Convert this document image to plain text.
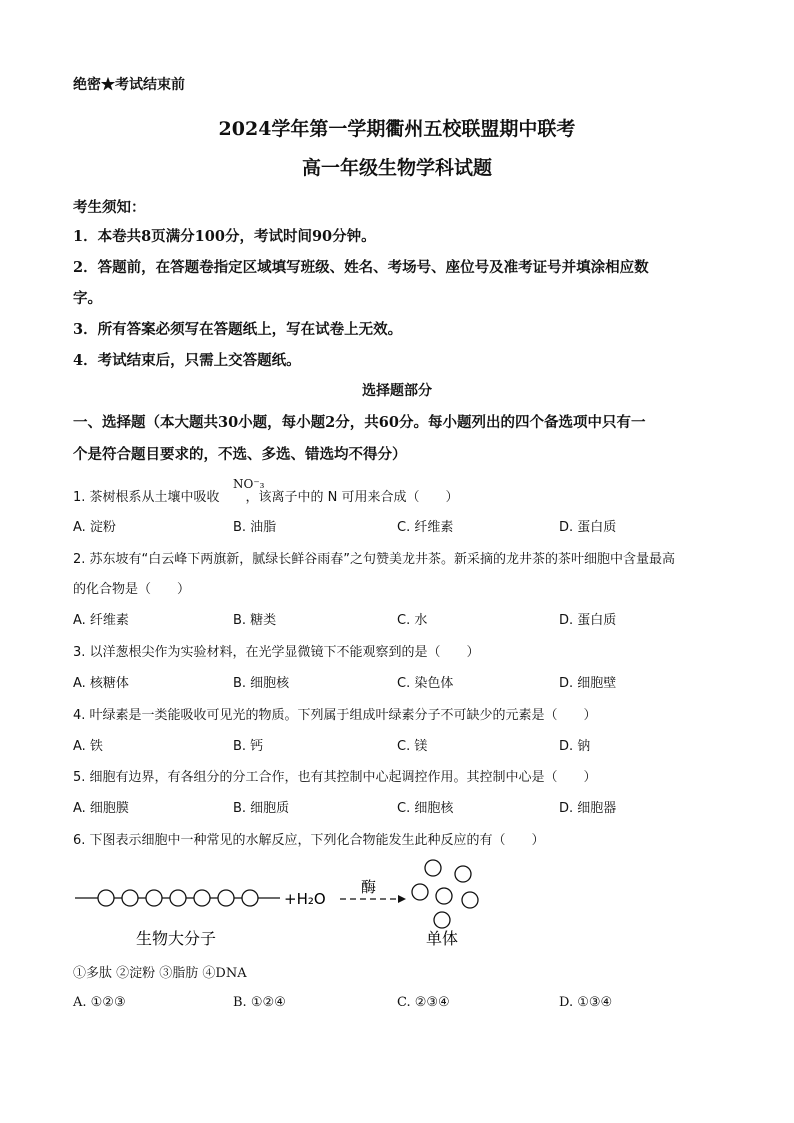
绝密★考试结束前
2024学年第一学期衢州五校联盟期中联考
高一年级生物学科试题
考生须知：
1．本卷共8页满分100分，考试时间90分钟。
2．答题前，在答题卷指定区域填写班级、姓名、考场号、座位号及准考证号并填涂相应数
字。
3．所有答案必须写在答题纸上，写在试卷上无效。
4．考试结束后，只需上交答题纸。
选择题部分
一、选择题（本大题共30小题，每小题2分，共60分。每小题列出的四个备选项中只有一
个是符合题目要求的，不选、多选、错选均不得分）
1. 茶树根系从土壤中吸收　　，该离子中的 N 可用来合成（　　）
NO⁻₃
A. 淀粉	B. 油脂	C. 纤维素	D. 蛋白质
2. 苏东坡有“白云峰下两旗新，腻绿长鲜谷雨春”之句赞美龙井茶。新采摘的龙井茶的茶叶细胞中含量最高
的化合物是（　　）
A. 纤维素	B. 糖类	C. 水	D. 蛋白质
3. 以洋葱根尖作为实验材料，在光学显微镜下不能观察到的是（　　）
A. 核糖体	B. 细胞核	C. 染色体	D. 细胞壁
4. 叶绿素是一类能吸收可见光的物质。下列属于组成叶绿素分子不可缺少的元素是（　　）
A. 铁	B. 钙	C. 镁	D. 钠
5. 细胞有边界，有各组分的分工合作，也有其控制中心起调控作用。其控制中心是（　　）
A. 细胞膜	B. 细胞质	C. 细胞核	D. 细胞器
6. 下图表示细胞中一种常见的水解反应，下列化合物能发生此种反应的有（　　）
+H₂O
酶
生物大分子	单体
①多肽 ②淀粉 ③脂肪 ④DNA
A. ①②③	B. ①②④	C. ②③④	D. ①③④
